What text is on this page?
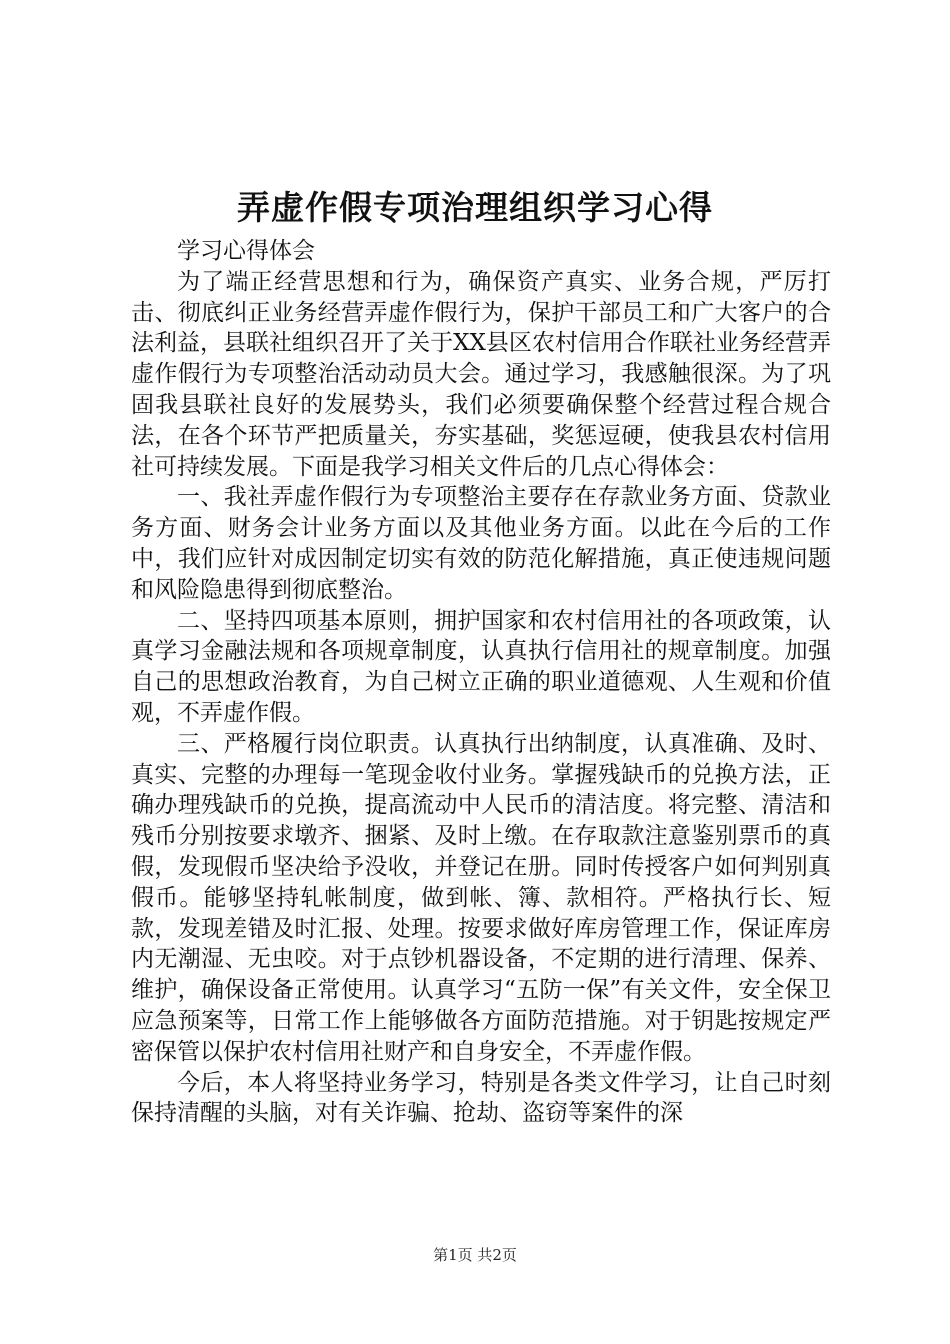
弄虚作假专项治理组织学习心得

学习心得体会

为了端正经营思想和行为，确保资产真实、业务合规，严厉打击、彻底纠正业务经营弄虚作假行为，保护干部员工和广大客户的合法利益，县联社组织召开了关于XX县区农村信用合作联社业务经营弄虚作假行为专项整治活动动员大会。通过学习，我感触很深。为了巩固我县联社良好的发展势头，我们必须要确保整个经营过程合规合法，在各个环节严把质量关，夯实基础，奖惩逗硬，使我县农村信用社可持续发展。下面是我学习相关文件后的几点心得体会：

一、我社弄虚作假行为专项整治主要存在存款业务方面、贷款业务方面、财务会计业务方面以及其他业务方面。以此在今后的工作中，我们应针对成因制定切实有效的防范化解措施，真正使违规问题和风险隐患得到彻底整治。

二、坚持四项基本原则，拥护国家和农村信用社的各项政策，认真学习金融法规和各项规章制度，认真执行信用社的规章制度。加强自己的思想政治教育，为自己树立正确的职业道德观、人生观和价值观，不弄虚作假。

三、严格履行岗位职责。认真执行出纳制度，认真准确、及时、真实、完整的办理每一笔现金收付业务。掌握残缺币的兑换方法，正确办理残缺币的兑换，提高流动中人民币的清洁度。将完整、清洁和残币分别按要求墩齐、捆紧、及时上缴。在存取款注意鉴别票币的真假，发现假币坚决给予没收，并登记在册。同时传授客户如何判别真假币。能够坚持轧帐制度，做到帐、簿、款相符。严格执行长、短款，发现差错及时汇报、处理。按要求做好库房管理工作，保证库房内无潮湿、无虫咬。对于点钞机器设备，不定期的进行清理、保养、维护，确保设备正常使用。认真学习“五防一保”有关文件，安全保卫应急预案等，日常工作上能够做各方面防范措施。对于钥匙按规定严密保管以保护农村信用社财产和自身安全，不弄虚作假。

今后，本人将坚持业务学习，特别是各类文件学习，让自己时刻保持清醒的头脑，对有关诈骗、抢劫、盗窃等案件的深

第1页 共2页
